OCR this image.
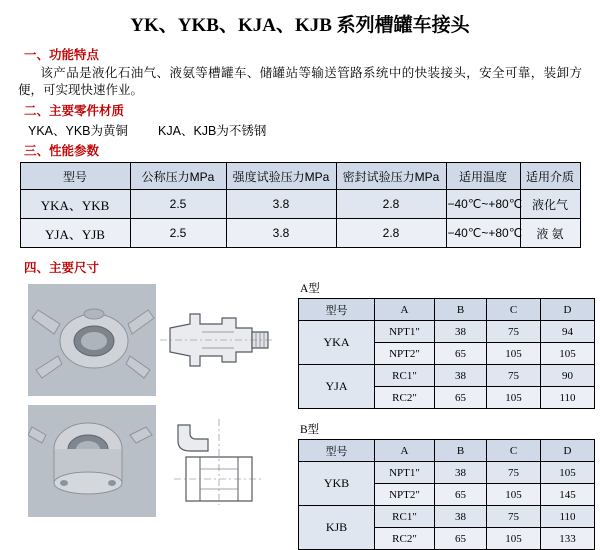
YK、YKB、KJA、KJB 系列槽罐车接头
一、功能特点
该产品是液化石油气、液氨等槽罐车、储罐站等输送管路系统中的快装接头，安全可靠，装卸方便，可实现快速作业。
二、主要零件材质
YKA、YKB为黄铜 KJA、KJB为不锈钢
三、性能参数
型号	公称压力MPa	强度试验压力MPa	密封试验压力MPa	适用温度	适用介质
YKA、YKB	2.5	3.8	2.8	−40℃~+80℃	液化气
YJA、YJB	2.5	3.8	2.8	−40℃~+80℃	液 氨
四、主要尺寸
A型
型号	A	B	C	D
YKA	NPT1"	38	75	94
	NPT2"	65	105	105
YJA	RC1"	38	75	90
	RC2"	65	105	110
B型
型号	A	B	C	D
YKB	NPT1"	38	75	105
	NPT2"	65	105	145
KJB	RC1"	38	75	110
	RC2"	65	105	133
